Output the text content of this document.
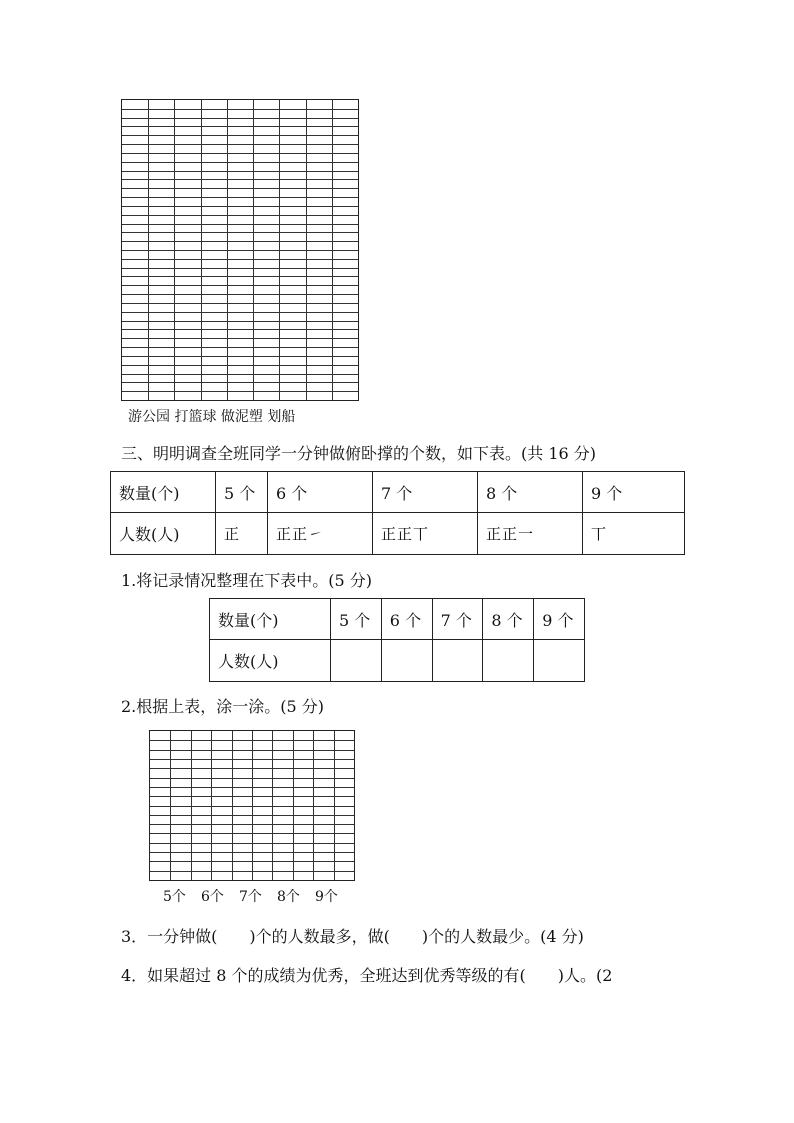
游公园 打篮球 做泥塑 划船
三、明明调查全班同学一分钟做俯卧撑的个数，如下表。(共 16 分)
数量(个)	5 个	6 个	7 个	8 个	9 个
人数(人)	正	正正㇀	正正丅	正正一	丅
1.将记录情况整理在下表中。(5 分)
数量(个)	5 个	6 个	7 个	8 个	9 个
人数(人)					
2.根据上表，涂一涂。(5 分)
5个 6个 7个 8个 9个
3．一分钟做(　　)个的人数最多，做(　　)个的人数最少。(4 分)
4．如果超过 8 个的成绩为优秀，全班达到优秀等级的有(　　)人。(2
